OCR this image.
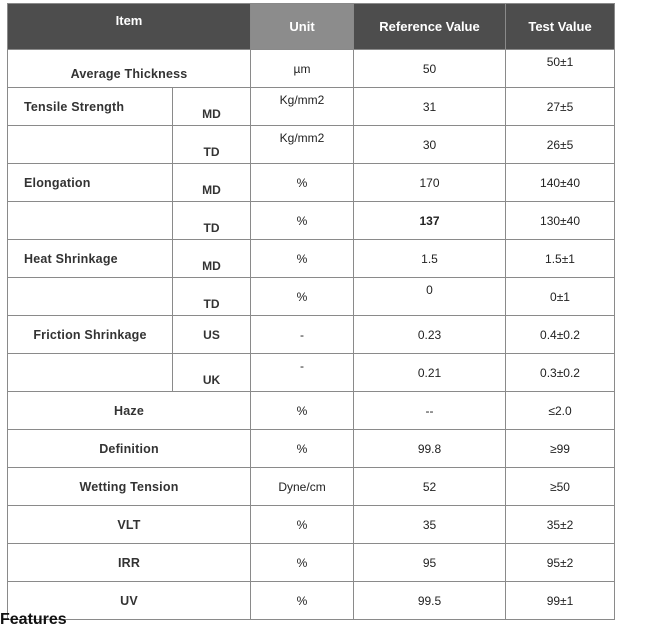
Item		Unit	Reference Value	Test Value
Average Thickness		µm	50	50±1
Tensile Strength	MD	Kg/mm2	31	27±5
	TD	Kg/mm2	30	26±5
Elongation	MD	%	170	140±40
	TD	%	137	130±40
Heat Shrinkage	MD	%	1.5	1.5±1
	TD	%	0	0±1
Friction Shrinkage	US	-	0.23	0.4±0.2
	UK	-	0.21	0.3±0.2
Haze		%	--	≤2.0
Definition		%	99.8	≥99
Wetting Tension		Dyne/cm	52	≥50
VLT		%	35	35±2
IRR		%	95	95±2
UV		%	99.5	99±1
Features
